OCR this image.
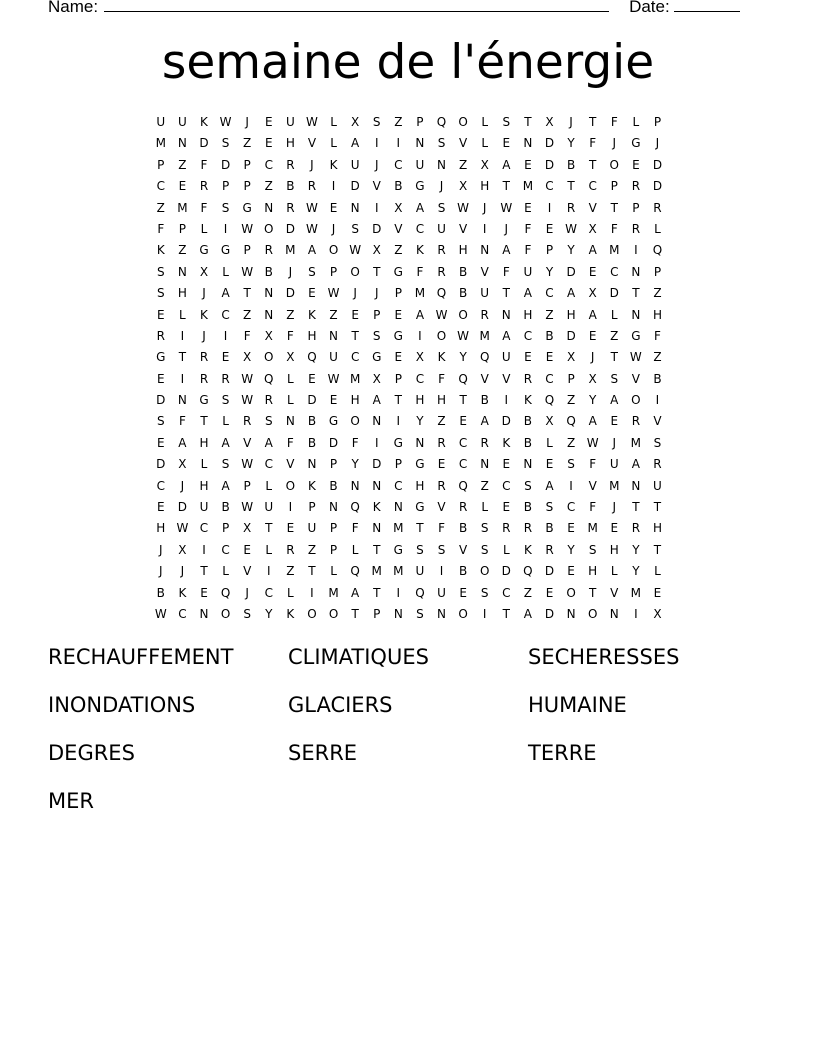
Name:	Date:
semaine de l'énergie
U	U	K W	J	E	U W	L	X	S	Z	P	Q	O	L	S	T	X	J	T	F	L	P
M N	D	S	Z	E	H	V	L	A	I	I	N	S	V	L	E	N	D	Y	F	J	G	J
P	Z	F	D	P	C	R	J	K	U	J	C	U	N	Z	X	A	E	D	B	T	O	E	D
C	E	R	P	P	Z	B	R	I	D	V	B	G	J	X	H	T	M	C	T	C	P	R	D
Z	M	F	S	G	N	R W E	N	I	X	A	S W	J	W E	I	R	V	T	P	R
F	P	L	I	W O	D W	J	S	D	V	C	U	V	I	J	F	E W X	F	R	L
K	Z	G	G	P	R	M	A	O W X	Z	K	R	H	N	A	F	P	Y	A	M	I	Q
S	N	X	L	W B	J	S	P	O	T	G	F	R	B	V	F	U	Y	D	E	C	N	P
S	H	J	A	T	N	D	E W	J	J	P	M Q	B	U	T	A	C	A	X	D	T	Z
E	L	K	C	Z	N	Z	K	Z	E	P	E	A W O	R	N	H	Z	H	A	L	N	H
R	I	J	I	F	X	F	H	N	T	S	G	I	O W M	A	C	B	D	E	Z	G	F
G	T	R	E	X	O	X	Q	U	C	G	E	X	K	Y	Q	U	E	E	X	J	T W Z
E	I	R	R W Q	L	E W M	X	P	C	F	Q	V	V	R	C	P	X	S	V	B
D	N	G	S W R	L	D	E	H	A	T	H	H	T	B	I	K	Q	Z	Y	A	O	I
S	F	T	L	R	S	N	B	G	O	N	I	Y	Z	E	A	D	B	X	Q	A	E	R	V
E	A	H	A	V	A	F	B	D	F	I	G	N	R	C	R	K	B	L	Z W	J	M	S
D	X	L	S W C	V	N	P	Y	D	P	G	E	C	N	E	N	E	S	F	U	A	R
C	J	H	A	P	L	O	K	B	N	N	C	H	R	Q	Z	C	S	A	I	V	M N	U
E	D	U	B W U	I	P	N	Q	K	N	G	V	R	L	E	B	S	C	F	J	T	T
H W C	P	X	T	E	U	P	F	N M	T	F	B	S	R	R	B	E	M	E	R	H
J	X	I	C	E	L	R	Z	P	L	T	G	S	S	V	S	L	K	R	Y	S	H	Y	T
J	J	T	L	V	I	Z	T	L	Q M M	U	I	B	O	D	Q	D	E	H	L	Y	L
B	K	E	Q	J	C	L	I	M	A	T	I	Q	U	E	S	C	Z	E	O	T	V	M	E
W C	N	O	S	Y	K	O	O	T	P	N	S	N	O	I	T	A	D	N	O	N	I	X
RECHAUFFEMENT	CLIMATIQUES	SECHERESSES
INONDATIONS	GLACIERS	HUMAINE
DEGRES	SERRE	TERRE
MER
